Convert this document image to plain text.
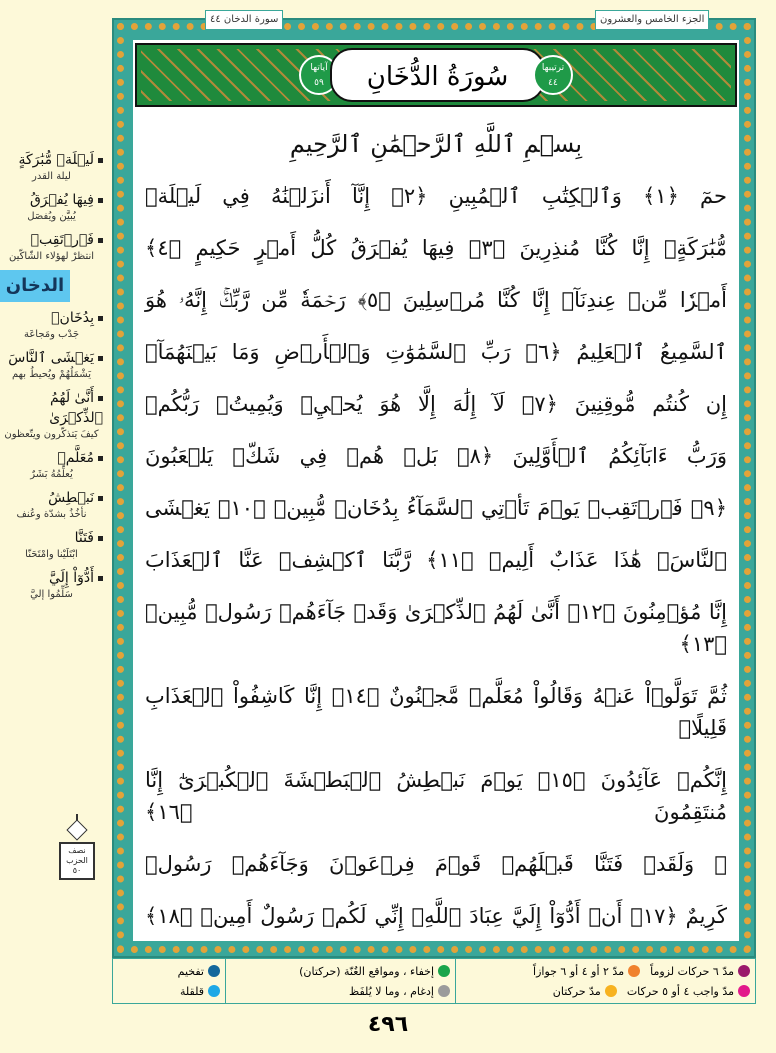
لَيۡلَةٖ مُّبَٰرَكَةٍ
ليلة القدر
فِيهَا يُفۡرَقُ
يُبيَّن ويُفصَل
فَٱرۡتَقِبۡ
انتظرْ لهؤلاء الشّاكّين
الدخان
بِدُخَانٖ
جَدْب ومَجاعَة
يَغۡشَى ٱلنَّاسَ
يَشْمَلُهُمْ ويُحيطُ بهم
أَنَّىٰ لَهُمُ ٱلذِّكۡرَىٰ
كيفَ يَتذكّرون ويتّعظون
مُعَلَّمٞ
يُعلِّمُهُ بَشَرٌ
نَبۡطِشُ
نأخُذُ بشدّة وعُنف
فَتَنَّا
ابْتَلَيْنا وامْتَحَنّا
أَدُّوٓاْ إِلَيَّ
سَلِّمُوا إليَّ
نصف الحزب ٥٠
سورة الدخان ٤٤	الجزء الخامس والعشرون
آياتها
٥٩	سُورَةُ الدُّخَانِ	ترتيبها
٤٤
بِسۡمِ ٱللَّهِ ٱلرَّحۡمَٰنِ ٱلرَّحِيمِ
حمٓ ﴿١﴾ وَٱلۡكِتَٰبِ ٱلۡمُبِينِ ﴿٢﴾ إِنَّآ أَنزَلۡنَٰهُ فِي لَيۡلَةٖ
مُّبَٰرَكَةٍۚ إِنَّا كُنَّا مُنذِرِينَ ﴿٣﴾ فِيهَا يُفۡرَقُ كُلُّ أَمۡرٍ حَكِيمٍ ﴿٤﴾
أَمۡرٗا مِّنۡ عِندِنَآۚ إِنَّا كُنَّا مُرۡسِلِينَ ﴿٥﴾ رَحۡمَةٗ مِّن رَّبِّكَۚ إِنَّهُۥ هُوَ
ٱلسَّمِيعُ ٱلۡعَلِيمُ ﴿٦﴾ رَبِّ ٱلسَّمَٰوَٰتِ وَٱلۡأَرۡضِ وَمَا بَيۡنَهُمَآۖ
إِن كُنتُم مُّوقِنِينَ ﴿٧﴾ لَآ إِلَٰهَ إِلَّا هُوَ يُحۡيِۦ وَيُمِيتُۖ رَبُّكُمۡ
وَرَبُّ ءَابَآئِكُمُ ٱلۡأَوَّلِينَ ﴿٨﴾ بَلۡ هُمۡ فِي شَكّٖ يَلۡعَبُونَ
﴿٩﴾ فَٱرۡتَقِبۡ يَوۡمَ تَأۡتِي ٱلسَّمَآءُ بِدُخَانٖ مُّبِينٖ ﴿١٠﴾ يَغۡشَى
ٱلنَّاسَۖ هَٰذَا عَذَابٌ أَلِيمٞ ﴿١١﴾ رَّبَّنَا ٱكۡشِفۡ عَنَّا ٱلۡعَذَابَ
إِنَّا مُؤۡمِنُونَ ﴿١٢﴾ أَنَّىٰ لَهُمُ ٱلذِّكۡرَىٰ وَقَدۡ جَآءَهُمۡ رَسُولٞ مُّبِينٞ ﴿١٣﴾
ثُمَّ تَوَلَّوۡاْ عَنۡهُ وَقَالُواْ مُعَلَّمٞ مَّجۡنُونٌ ﴿١٤﴾ إِنَّا كَاشِفُواْ ٱلۡعَذَابِ قَلِيلًاۚ
إِنَّكُمۡ عَآئِدُونَ ﴿١٥﴾ يَوۡمَ نَبۡطِشُ ٱلۡبَطۡشَةَ ٱلۡكُبۡرَىٰٓ إِنَّا مُنتَقِمُونَ ﴿١٦﴾
۞ وَلَقَدۡ فَتَنَّا قَبۡلَهُمۡ قَوۡمَ فِرۡعَوۡنَ وَجَآءَهُمۡ رَسُولٞ
كَرِيمٌ ﴿١٧﴾ أَنۡ أَدُّوٓاْ إِلَيَّ عِبَادَ ٱللَّهِۖ إِنِّي لَكُمۡ رَسُولٌ أَمِينٞ ﴿١٨﴾
مدّ ٦ حركات لزوماً
مدّ ٢ أو ٤ أو ٦ جوازاً
مدّ واجب ٤ أو ٥ حركات
مدّ حركتان
إخفاء ، ومواقع الغُنّة (حركتان)
إدغام ، وما لا يُلفَظ
تفخيم
قلقلة
٤٩٦
